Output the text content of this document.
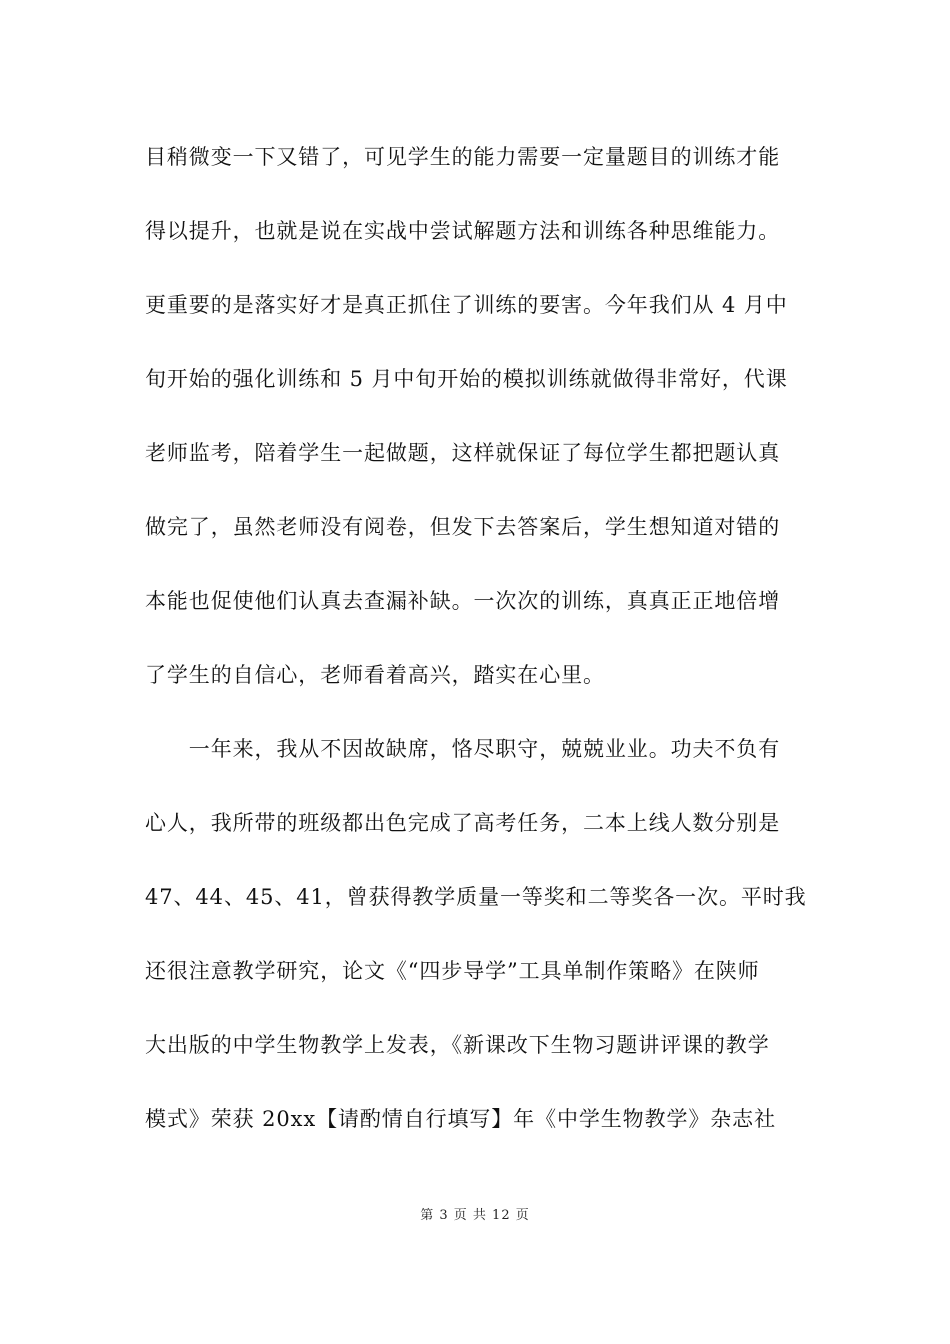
目稍微变一下又错了，可见学生的能力需要一定量题目的训练才能
得以提升，也就是说在实战中尝试解题方法和训练各种思维能力。
更重要的是落实好才是真正抓住了训练的要害。今年我们从 4 月中
旬开始的强化训练和 5 月中旬开始的模拟训练就做得非常好，代课
老师监考，陪着学生一起做题，这样就保证了每位学生都把题认真
做完了，虽然老师没有阅卷，但发下去答案后，学生想知道对错的
本能也促使他们认真去查漏补缺。一次次的训练，真真正正地倍增
了学生的自信心，老师看着高兴，踏实在心里。
　　一年来，我从不因故缺席，恪尽职守，兢兢业业。功夫不负有
心人，我所带的班级都出色完成了高考任务，二本上线人数分别是
47、44、45、41，曾获得教学质量一等奖和二等奖各一次。平时我
还很注意教学研究，论文《“四步导学”工具单制作策略》在陕师
大出版的中学生物教学上发表，《新课改下生物习题讲评课的教学
模式》荣获 20xx【请酌情自行填写】年《中学生物教学》杂志社
第 3 页 共 12 页
